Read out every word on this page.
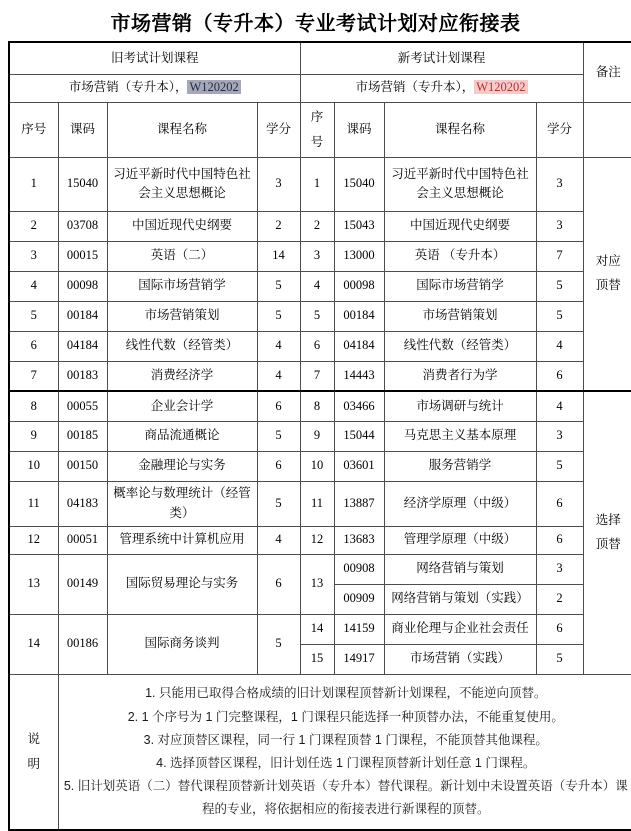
市场营销（专升本）专业考试计划对应衔接表
旧考试计划课程				新考试计划课程				备注
市场营销（专升本）， W120202				市场营销（专升本）， W120202				
序号	课码	课程名称	学分	序号	课码	课程名称	学分	
1	15040	习近平新时代中国特色社会主义思想概论	3	1	15040	习近平新时代中国特色社会主义思想概论	3	对应顶替

2	03708	中国近现代史纲要	2	2	15043	中国近现代史纲要	3	
3	00015	英语（二）	14	3	13000	英语 （专升本）	7	
4	00098	国际市场营销学	5	4	00098	国际市场营销学	5	
5	00184	市场营销策划	5	5	00184	市场营销策划	5	
6	04184	线性代数（经管类）	4	6	04184	线性代数（经管类）	4	
7	00183	消费经济学	4	7	14443	消费者行为学	6	
8	00055	企业会计学	6	8	03466	市场调研与统计	4	选择顶替

9	00185	商品流通概论	5	9	15044	马克思主义基本原理	3	
10	00150	金融理论与实务	6	10	03601	服务营销学	5	
11	04183	概率论与数理统计（经管类）	5	11	13887	经济学原理（中级）	6	
12	00051	管理系统中计算机应用	4	12	13683	管理学原理（中级）	6	
13	00149	国际贸易理论与实务	6	13	00908	网络营销与策划	3	
					00909	网络营销与策划（实践）	2	
14	00186	国际商务谈判	5	14	14159	商业伦理与企业社会责任	6	
				15	14917	市场营销（实践）	5	

说明	1. 只能用已取得合格成绩的旧计划课程顶替新计划课程，不能逆向顶替。

2. 1 个序号为 1 门完整课程，1 门课程只能选择一种顶替办法，不能重复使用。

3. 对应顶替区课程，同一行 1 门课程顶替 1 门课程，不能顶替其他课程。

4. 选择顶替区课程，旧计划任选 1 门课程顶替新计划任意 1 门课程。

5. 旧计划英语（二）替代课程顶替新计划英语（专升本）替代课程。新计划中未设置英语（专升本）课程的专业，将依据相应的衔接表进行新课程的顶替。							
